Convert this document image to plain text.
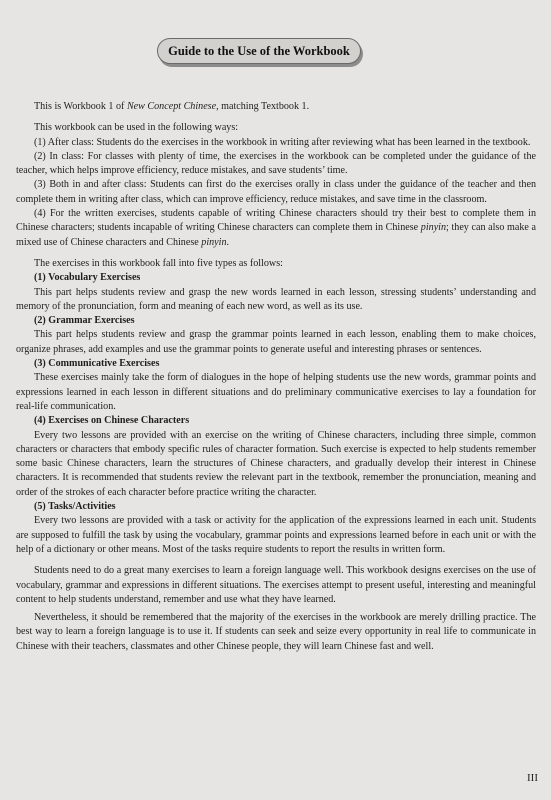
Guide to the Use of the Workbook

This is Workbook 1 of New Concept Chinese, matching Textbook 1.

This workbook can be used in the following ways:

(1) After class: Students do the exercises in the workbook in writing after reviewing what has been learned in the textbook.

(2) In class: For classes with plenty of time, the exercises in the workbook can be completed under the guidance of the teacher, which helps improve efficiency, reduce mistakes, and save students’ time.

(3) Both in and after class: Students can first do the exercises orally in class under the guidance of the teacher and then complete them in writing after class, which can improve efficiency, reduce mistakes, and save time in the classroom.

(4) For the written exercises, students capable of writing Chinese characters should try their best to complete them in Chinese characters; students incapable of writing Chinese characters can complete them in Chinese pinyin; they can also make a mixed use of Chinese characters and Chinese pinyin.

The exercises in this workbook fall into five types as follows:

(1) Vocabulary Exercises

This part helps students review and grasp the new words learned in each lesson, stressing students’ understanding and memory of the pronunciation, form and meaning of each new word, as well as its use.

(2) Grammar Exercises

This part helps students review and grasp the grammar points learned in each lesson, enabling them to make choices, organize phrases, add examples and use the grammar points to generate useful and interesting phrases or sentences.

(3) Communicative Exercises

These exercises mainly take the form of dialogues in the hope of helping students use the new words, grammar points and expressions learned in each lesson in different situations and do preliminary communicative exercises to lay a foundation for real-life communication.

(4) Exercises on Chinese Characters

Every two lessons are provided with an exercise on the writing of Chinese characters, including three simple, common characters or characters that embody specific rules of character formation. Such exercise is expected to help students remember some basic Chinese characters, learn the structures of Chinese characters, and gradually develop their interest in Chinese characters. It is recommended that students review the relevant part in the textbook, remember the pronunciation, meaning and order of the strokes of each character before practice writing the character.

(5) Tasks/Activities

Every two lessons are provided with a task or activity for the application of the expressions learned in each unit. Students are supposed to fulfill the task by using the vocabulary, grammar points and expressions learned before in each unit or with the help of a dictionary or other means. Most of the tasks require students to report the results in written form.

Students need to do a great many exercises to learn a foreign language well. This workbook designs exercises on the use of vocabulary, grammar and expressions in different situations. The exercises attempt to present useful, interesting and meaningful content to help students understand, remember and use what they have learned.

Nevertheless, it should be remembered that the majority of the exercises in the workbook are merely drilling practice. The best way to learn a foreign language is to use it. If students can seek and seize every opportunity in real life to communicate in Chinese with their teachers, classmates and other Chinese people, they will learn Chinese fast and well.

III
